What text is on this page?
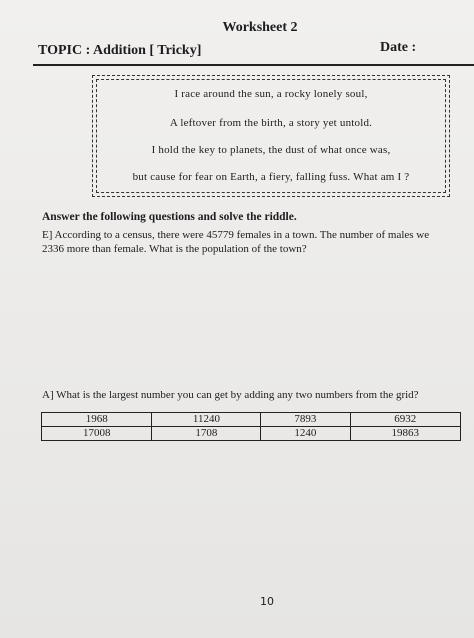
Worksheet 2
TOPIC : Addition [ Tricky]	Date :
I race around the sun, a rocky lonely soul,
A leftover from the birth, a story yet untold.
I hold the key to planets, the dust of what once was,
but cause for fear on Earth, a fiery, falling fuss. What am I ?
Answer the following questions and solve the riddle.
E] According to a census, there were 45779 females in a town. The number of males we
2336 more than female. What is the population of the town?
A] What is the largest number you can get by adding any two numbers from the grid?
1968	11240	7893	6932
17008	1708	1240	19863
10
